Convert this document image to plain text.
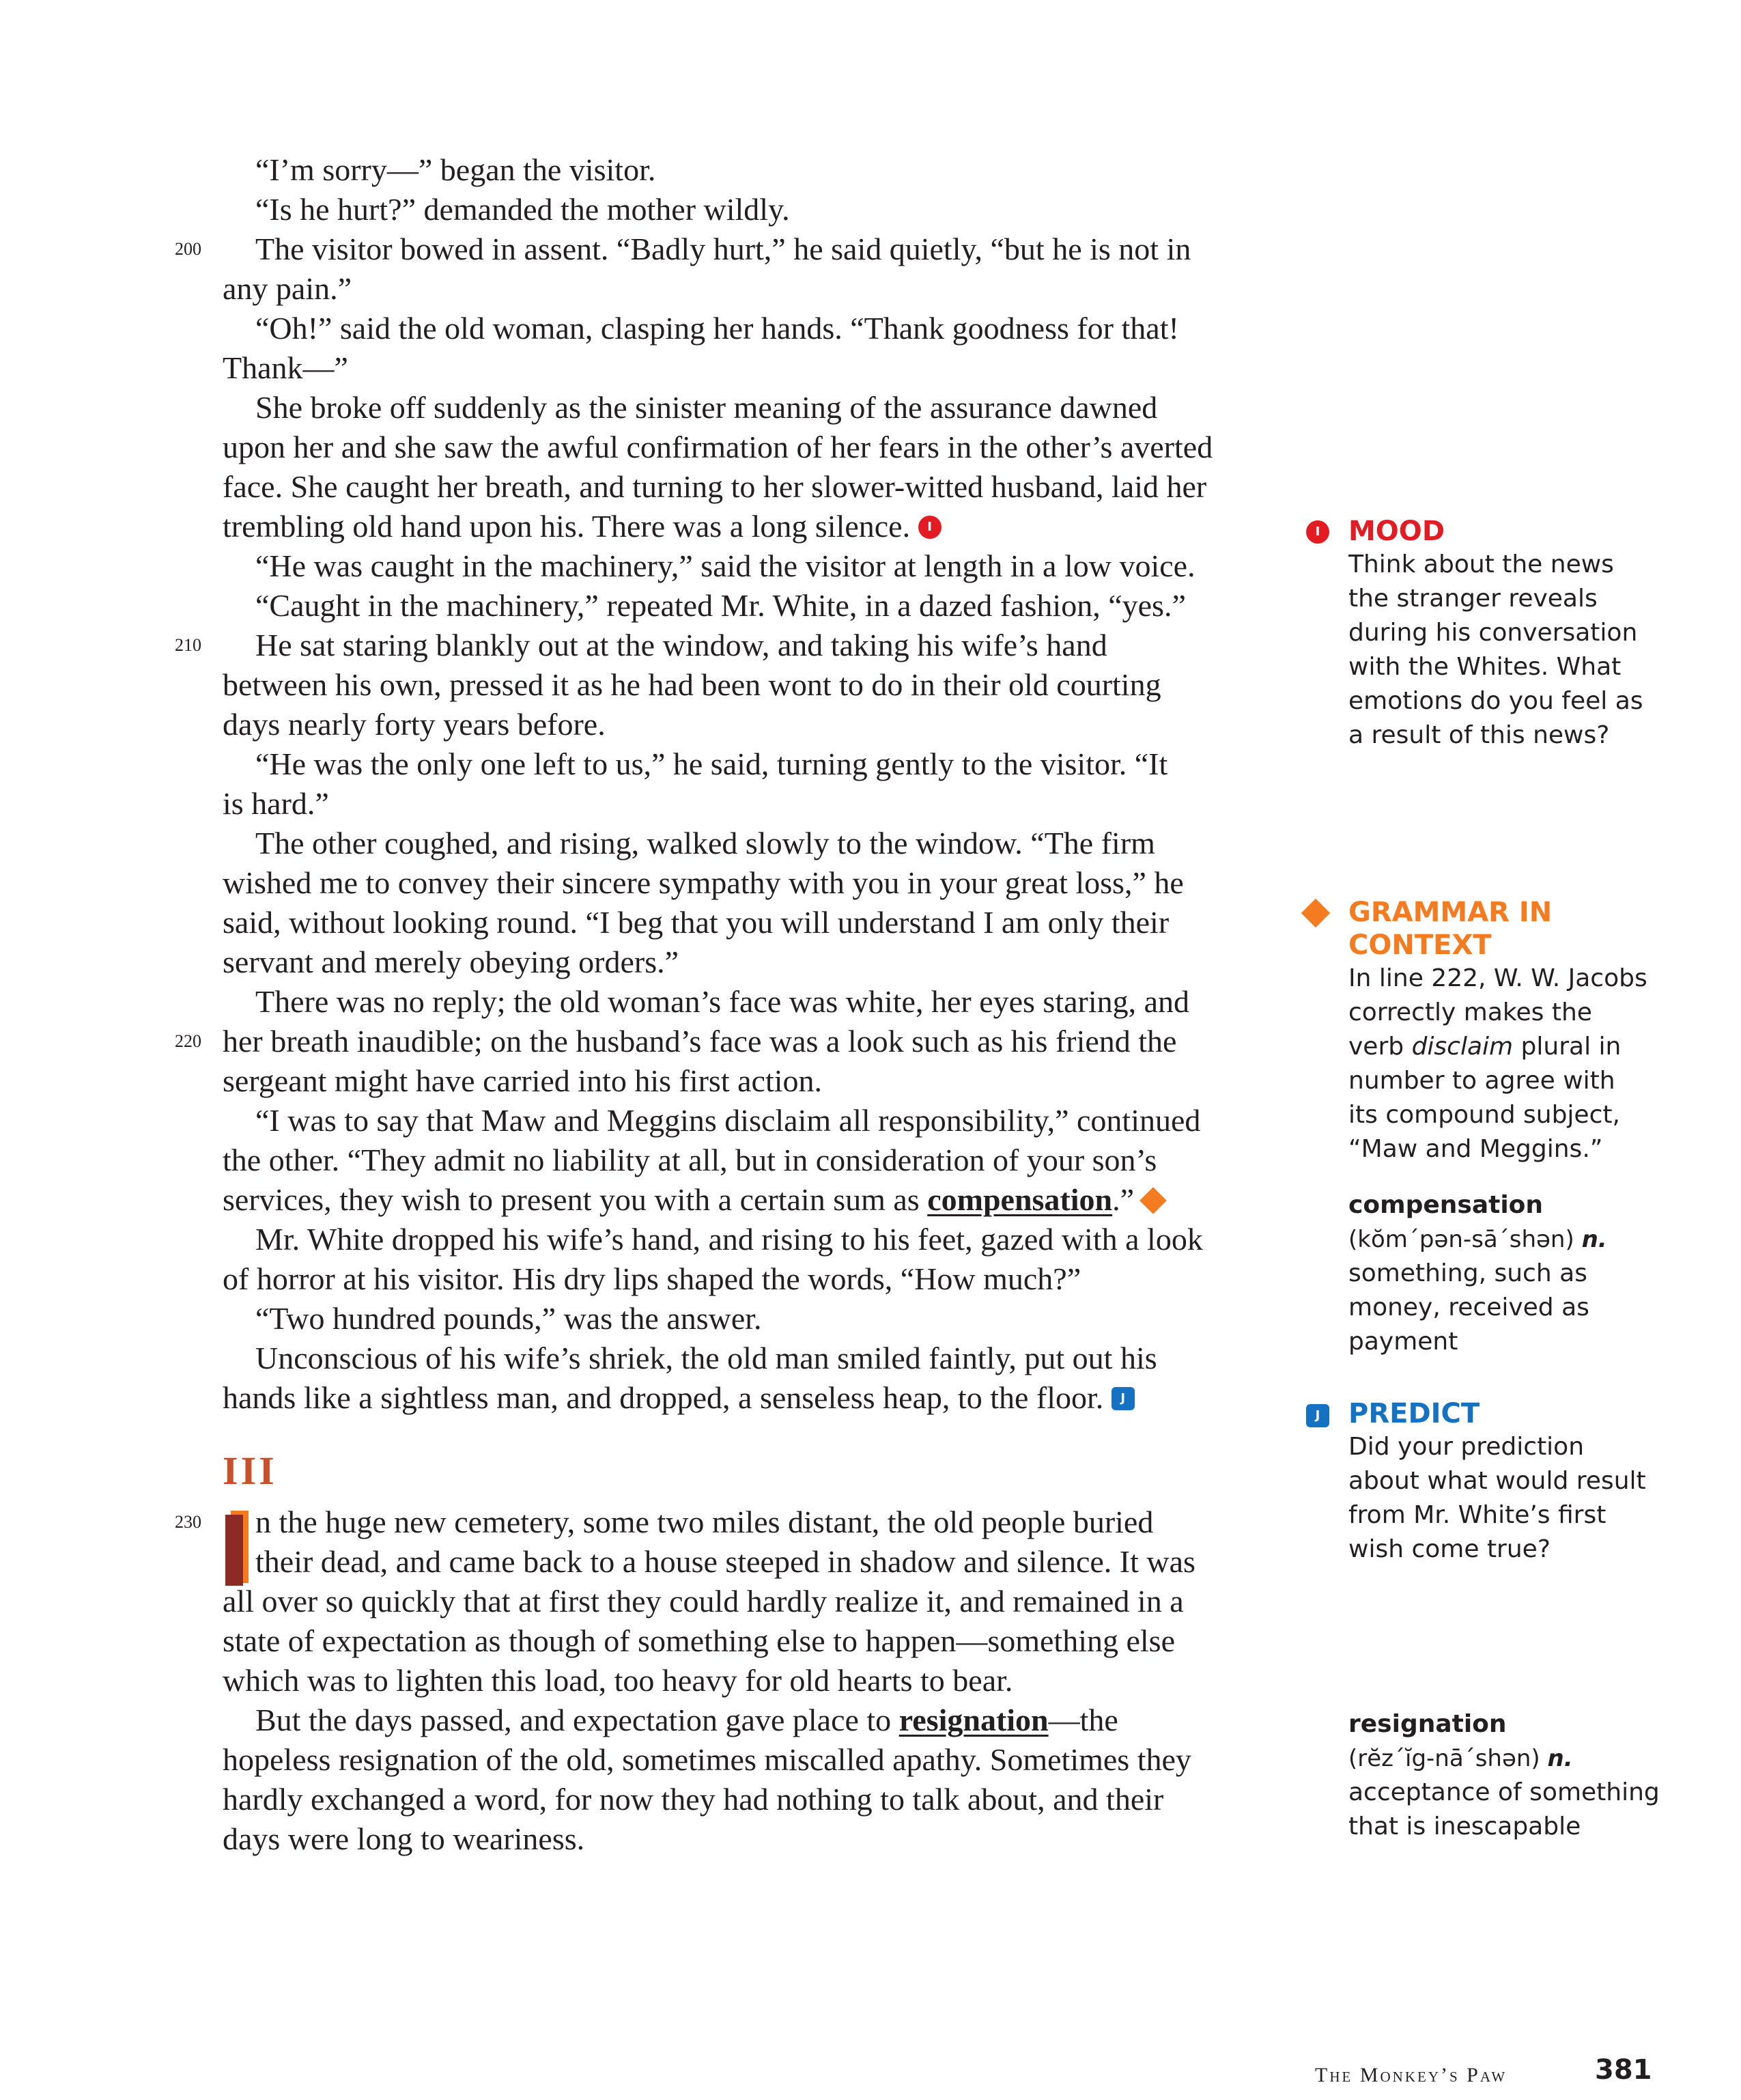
“I’m sorry—” began the visitor.
“Is he hurt?” demanded the mother wildly.
200 The visitor bowed in assent. “Badly hurt,” he said quietly, “but he is not in
any pain.”
“Oh!” said the old woman, clasping her hands. “Thank goodness for that!
Thank—”
She broke off suddenly as the sinister meaning of the assurance dawned
upon her and she saw the awful confirmation of her fears in the other’s averted
face. She caught her breath, and turning to her slower-witted husband, laid her
trembling old hand upon his. There was a long silence. I
“He was caught in the machinery,” said the visitor at length in a low voice.
“Caught in the machinery,” repeated Mr. White, in a dazed fashion, “yes.”
210 He sat staring blankly out at the window, and taking his wife’s hand
between his own, pressed it as he had been wont to do in their old courting
days nearly forty years before.
“He was the only one left to us,” he said, turning gently to the visitor. “It
is hard.”
The other coughed, and rising, walked slowly to the window. “The firm
wished me to convey their sincere sympathy with you in your great loss,” he
said, without looking round. “I beg that you will understand I am only their
servant and merely obeying orders.”
There was no reply; the old woman’s face was white, her eyes staring, and
220 her breath inaudible; on the husband’s face was a look such as his friend the
sergeant might have carried into his first action.
“I was to say that Maw and Meggins disclaim all responsibility,” continued
the other. “They admit no liability at all, but in consideration of your son’s
services, they wish to present you with a certain sum as compensation.”
Mr. White dropped his wife’s hand, and rising to his feet, gazed with a look
of horror at his visitor. His dry lips shaped the words, “How much?”
“Two hundred pounds,” was the answer.
Unconscious of his wife’s shriek, the old man smiled faintly, put out his
hands like a sightless man, and dropped, a senseless heap, to the floor. J
III
230 n the huge new cemetery, some two miles distant, the old people buried
their dead, and came back to a house steeped in shadow and silence. It was
all over so quickly that at first they could hardly realize it, and remained in a
state of expectation as though of something else to happen—something else
which was to lighten this load, too heavy for old hearts to bear.
But the days passed, and expectation gave place to resignation—the
hopeless resignation of the old, sometimes miscalled apathy. Sometimes they
hardly exchanged a word, for now they had nothing to talk about, and their
days were long to weariness.
I	MOOD
Think about the news
the stranger reveals
during his conversation
with the Whites. What
emotions do you feel as
a result of this news?
GRAMMAR IN
CONTEXT
In line 222, W. W. Jacobs
correctly makes the
verb disclaim plural in
number to agree with
its compound subject,
“Maw and Meggins.”
compensation
(kŏm΄pən-sā΄shən) n.
something, such as
money, received as
payment
J	PREDICT
Did your prediction
about what would result
from Mr. White’s first
wish come true?
resignation
(rĕz΄ĭg-nā΄shən) n.
acceptance of something
that is inescapable
The Monkey’s Paw	381
